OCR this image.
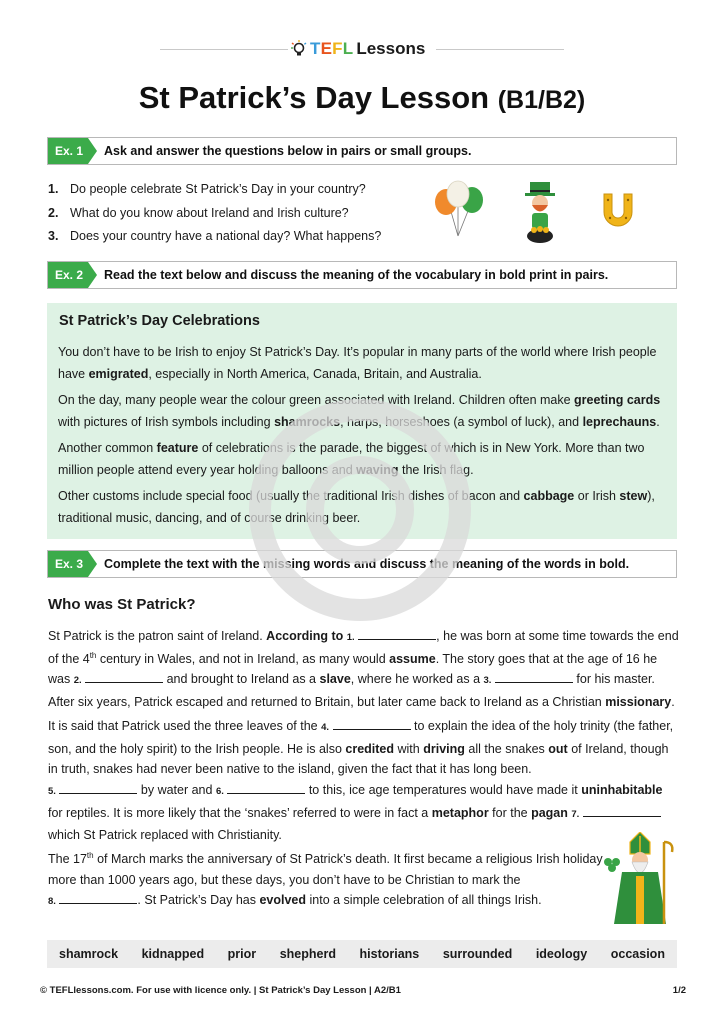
TEFL Lessons
St Patrick’s Day Lesson (B1/B2)
Ex. 1	Ask and answer the questions below in pairs or small groups.
1. Do people celebrate St Patrick’s Day in your country?
2. What do you know about Ireland and Irish culture?
3. Does your country have a national day? What happens?
Ex. 2	Read the text below and discuss the meaning of the vocabulary in bold print in pairs.
St Patrick’s Day Celebrations

You don’t have to be Irish to enjoy St Patrick’s Day. It’s popular in many parts of the world where Irish people have emigrated, especially in North America, Canada, Britain, and Australia.

On the day, many people wear the colour green associated with Ireland. Children often make greeting cards with pictures of Irish symbols including shamrocks, harps, horseshoes (a symbol of luck), and leprechauns.

Another common feature of celebrations is the parade, the biggest of which is in New York. More than two million people attend every year holding balloons and waving the Irish flag.

Other customs include special food (usually the traditional Irish dishes of bacon and cabbage or Irish stew), traditional music, dancing, and of course drinking beer.

Ex. 3	Complete the text with the missing words and discuss the meaning of the words in bold.
Who was St Patrick?

St Patrick is the patron saint of Ireland. According to 1.	, he was born at some time towards the end of the 4th century in Wales, and not in Ireland, as many would assume. The story goes that at the age of 16 he was 2.	and brought to Ireland as a slave, where he worked as a 3.	for his master. After six years, Patrick escaped and returned to Britain, but later came back to Ireland as a Christian missionary.

It is said that Patrick used the three leaves of the 4.	to explain the idea of the holy trinity (the father, son, and the holy spirit) to the Irish people. He is also credited with driving all the snakes out of Ireland, though in truth, snakes had never been native to the island, given the fact that it has long been.
5.	by water and 6.	to this, ice age temperatures would have made it uninhabitable for reptiles. It is more likely that the ‘snakes’ referred to were in fact a metaphor for the pagan 7.  which St Patrick replaced with Christianity.

The 17th of March marks the anniversary of St Patrick’s death. It first became a religious Irish holiday more than 1000 years ago, but these days, you don’t have to be Christian to mark the
8.	. St Patrick’s Day has evolved into a simple celebration of all things Irish.

shamrock kidnapped prior shepherd historians surrounded ideology occasion
© TEFLlessons.com. For use with licence only. | St Patrick’s Day Lesson | A2/B1	1/2
